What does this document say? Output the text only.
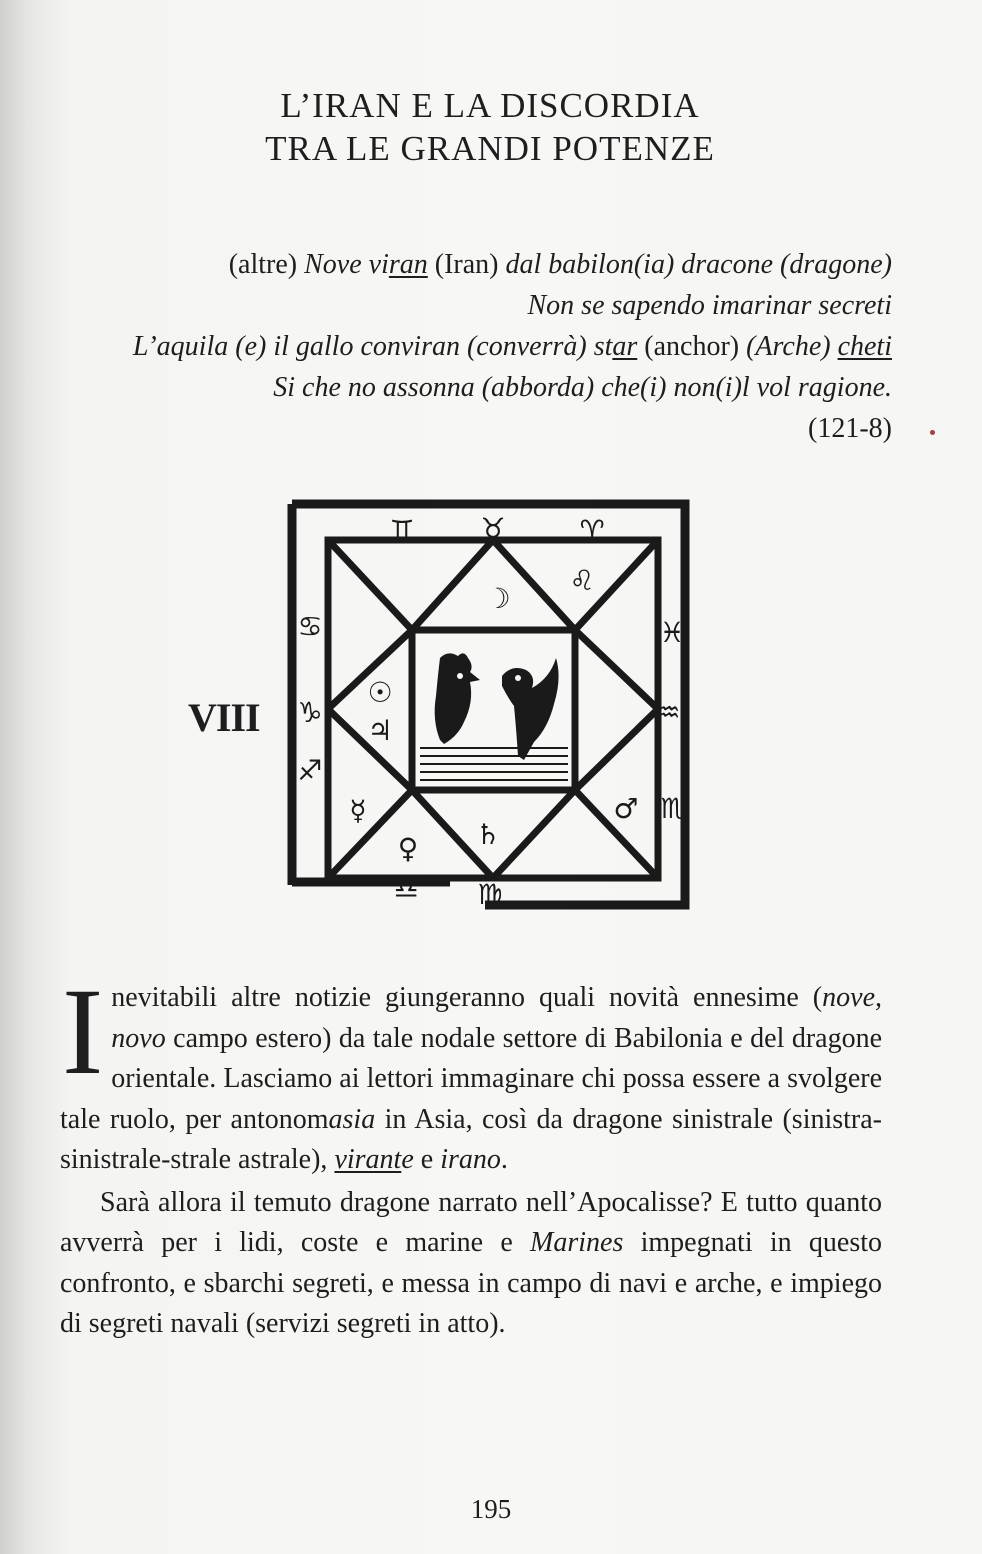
L’IRAN E LA DISCORDIA
TRA LE GRANDI POTENZE
(altre) Nove viran (Iran) dal babilon(ia) dracone (dragone)
Non se sapendo imarinar secreti
L’aquila (e) il gallo conviran (converrà) star (anchor) (Arche) cheti
Si che no assonna (abborda) che(i) non(i)l vol ragione.
(121-8)
VIII
♊ ♉	♈
☽
♌
♋	♓
♑
☉
♃
♒
♐
♏
☿
♄
♀
♂
♎ ♍

Inevitabili altre notizie giungeranno quali novità ennesime (nove, novo campo estero) da tale nodale settore di Babilonia e del dragone orientale. Lasciamo ai lettori immaginare chi possa essere a svolgere tale ruolo, per antonomasia in Asia, così da dragone sinistrale (sinistra-sinistrale-strale astrale), virante e irano.

Sarà allora il temuto dragone narrato nell’Apocalisse? E tutto quanto avverrà per i lidi, coste e marine e Marines impegnati in questo confronto, e sbarchi segreti, e messa in campo di navi e arche, e impiego di segreti navali (servizi segreti in atto).

195
